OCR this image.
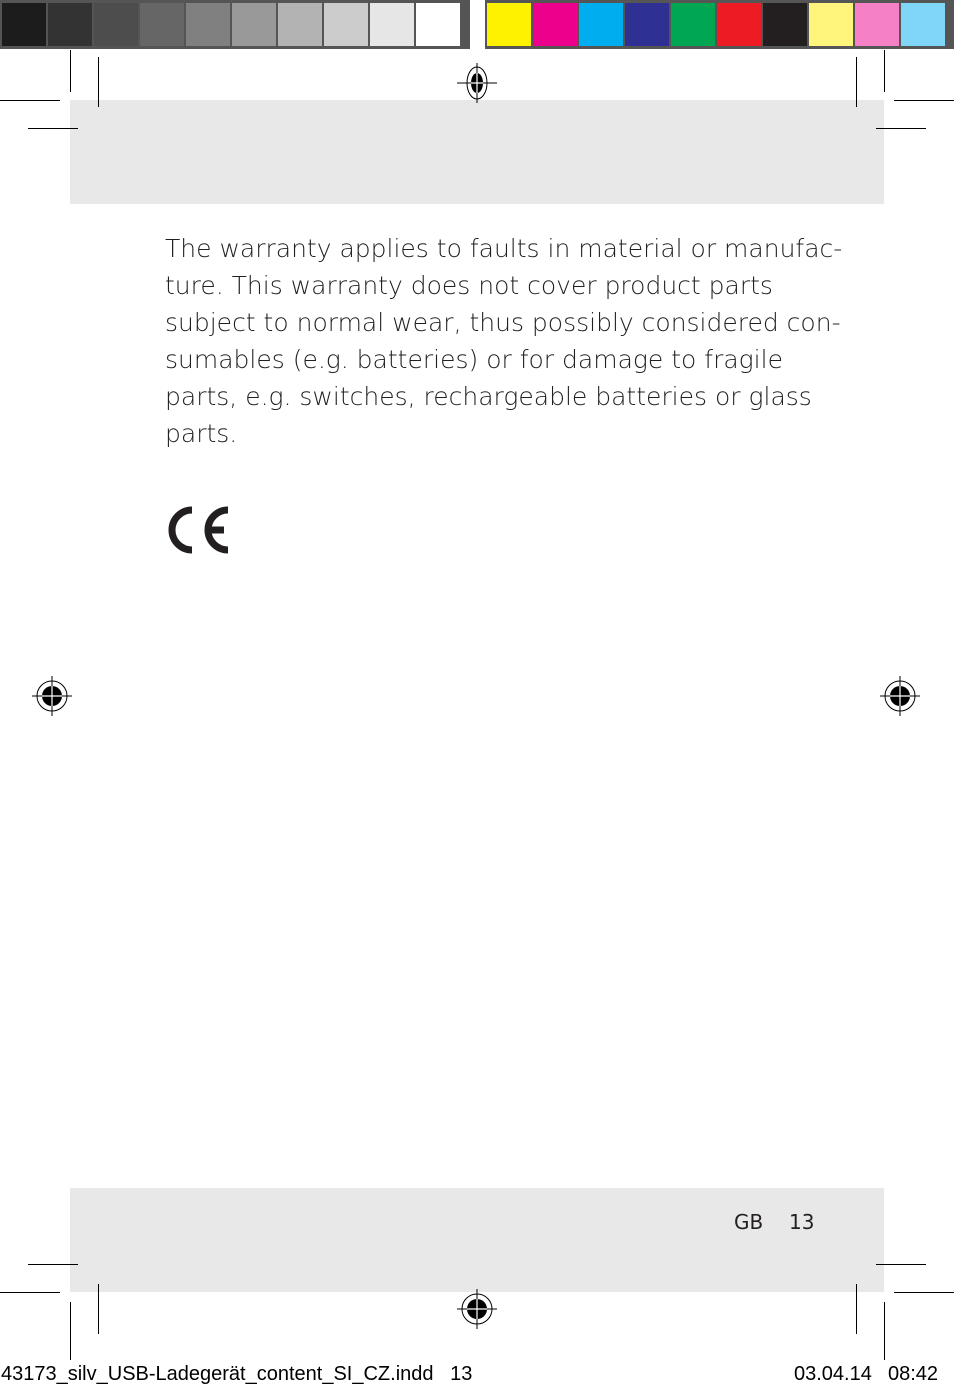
The warranty applies to faults in material or manufac-
ture. This warranty does not cover product parts
subject to normal wear, thus possibly considered con-
sumables (e.g. batteries) or for damage to fragile
parts, e.g. switches, rechargeable batteries or glass
parts.
GB 13
43173_silv_USB-Ladegerät_content_SI_CZ.indd   13	03.04.14 08:42
